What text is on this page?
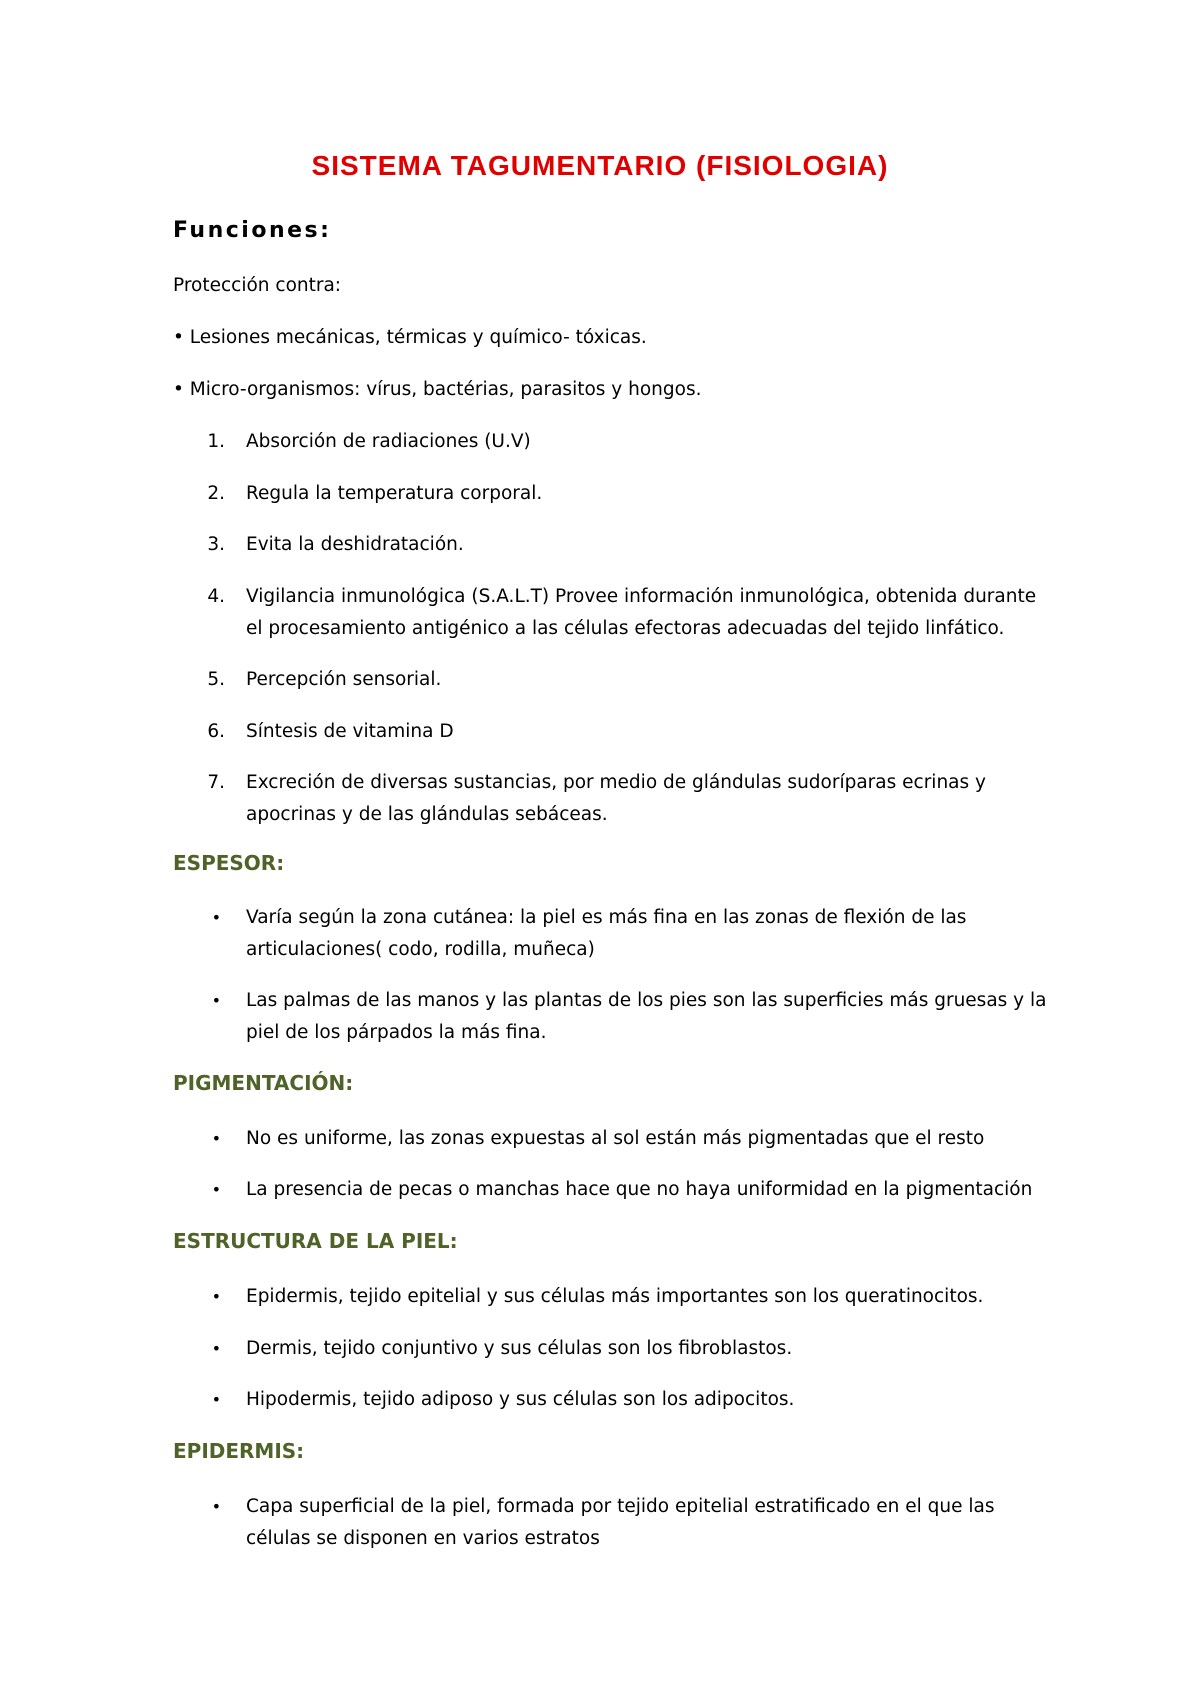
SISTEMA TAGUMENTARIO (FISIOLOGIA)
Funciones:
Protección contra:
• Lesiones mecánicas, térmicas y químico- tóxicas.
• Micro-organismos: vírus, bactérias, parasitos y hongos.
1. Absorción de radiaciones (U.V)
2. Regula la temperatura corporal.
3. Evita la deshidratación.
4. Vigilancia inmunológica (S.A.L.T) Provee información inmunológica, obtenida durante
el procesamiento antigénico a las células efectoras adecuadas del tejido linfático.
5. Percepción sensorial.
6. Síntesis de vitamina D
7. Excreción de diversas sustancias, por medio de glándulas sudoríparas ecrinas y
apocrinas y de las glándulas sebáceas.
ESPESOR:
• Varía según la zona cutánea: la piel es más fina en las zonas de flexión de las
articulaciones( codo, rodilla, muñeca)
• Las palmas de las manos y las plantas de los pies son las superficies más gruesas y la
piel de los párpados la más fina.
PIGMENTACIÓN:
• No es uniforme, las zonas expuestas al sol están más pigmentadas que el resto
• La presencia de pecas o manchas hace que no haya uniformidad en la pigmentación
ESTRUCTURA DE LA PIEL:
• Epidermis, tejido epitelial y sus células más importantes son los queratinocitos.
• Dermis, tejido conjuntivo y sus células son los fibroblastos.
• Hipodermis, tejido adiposo y sus células son los adipocitos.
EPIDERMIS:
• Capa superficial de la piel, formada por tejido epitelial estratificado en el que las
células se disponen en varios estratos
